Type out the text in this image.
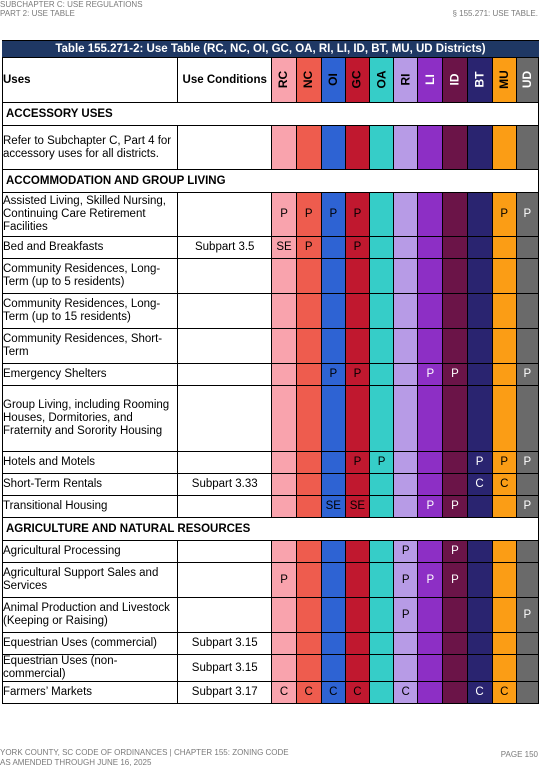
SUBCHAPTER C: USE REGULATIONS
PART 2: USE TABLE	§ 155.271: USE TABLE.
Table 155.271-2: Use Table (RC, NC, OI, GC, OA, RI, LI, ID, BT, MU, UD Districts)
Uses	Use Conditions	RC	NC	OI	GC	OA	RI	LI	ID	BT	MU	UD
ACCESSORY USES												
Refer to Subchapter C, Part 4 for accessory uses for all districts.												
ACCOMMODATION AND GROUP LIVING												
Assisted Living, Skilled Nursing, Continuing Care Retirement Facilities		P	P	P	P						P	P
Bed and Breakfasts	Subpart 3.5	SE	P		P							
Community Residences, Long-Term (up to 5 residents)												
Community Residences, Long-Term (up to 15 residents)												
Community Residences, Short-Term												
Emergency Shelters				P	P			P	P			P
Group Living, including Rooming Houses, Dormitories, and Fraternity and Sorority Housing												
Hotels and Motels					P	P				P	P	P
Short-Term Rentals	Subpart 3.33									C	C	
Transitional Housing				SE	SE			P	P			P
AGRICULTURE AND NATURAL RESOURCES												
Agricultural Processing							P		P			
Agricultural Support Sales and Services		P					P	P	P			
Animal Production and Livestock (Keeping or Raising)							P					P
Equestrian Uses (commercial)	Subpart 3.15											
Equestrian Uses (non-commercial)	Subpart 3.15											
Farmers’ Markets	Subpart 3.17	C	C	C	C		C			C	C	
YORK COUNTY, SC CODE OF ORDINANCES | CHAPTER 155: ZONING CODE
AS AMENDED THROUGH JUNE 16, 2025
PAGE 150
